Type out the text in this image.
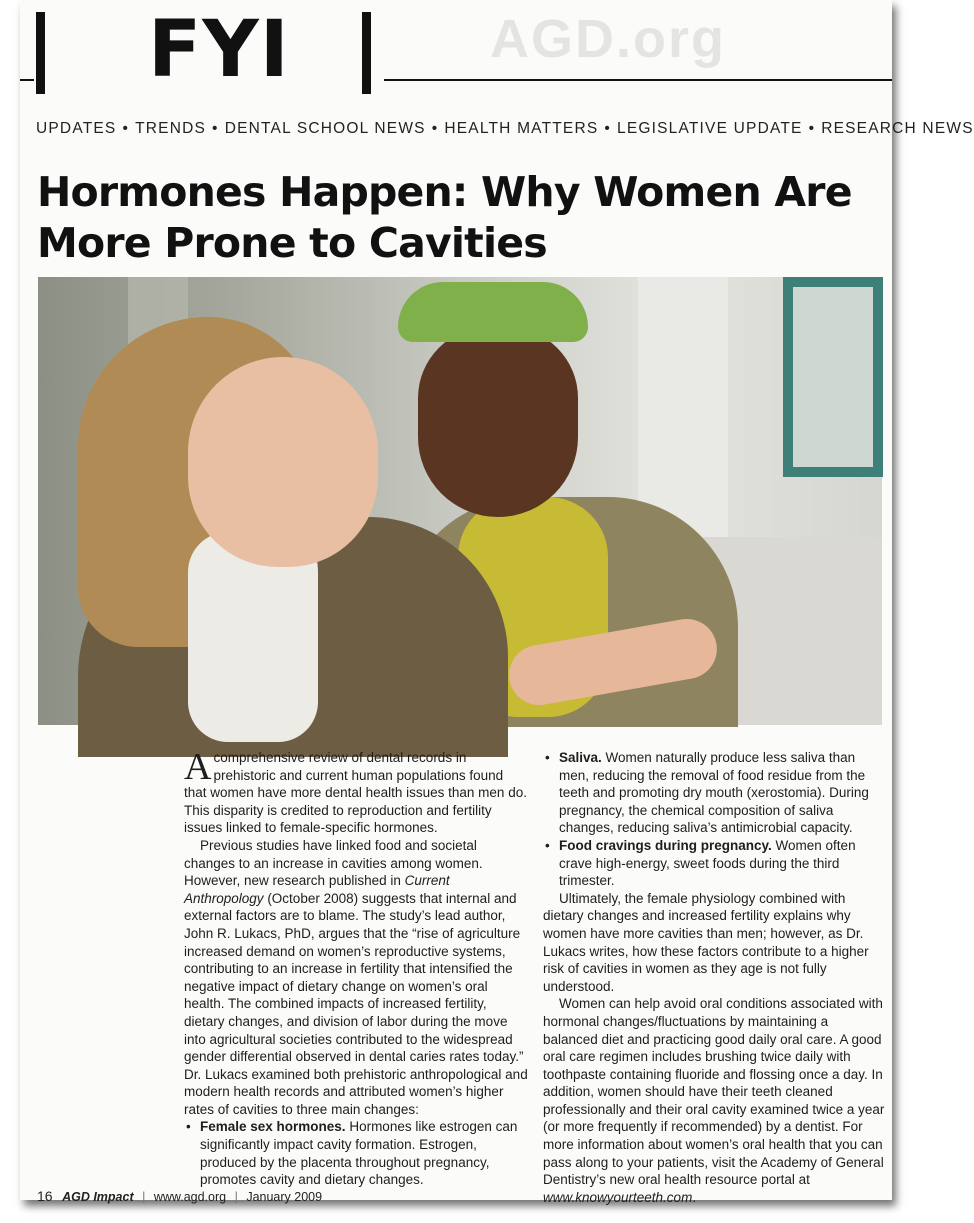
AGD.org
FYI
UPDATES • TRENDS • DENTAL SCHOOL NEWS • HEALTH MATTERS • LEGISLATIVE UPDATE • RESEARCH NEWS
Hormones Happen: Why Women Are More Prone to Cavities

Acomprehensive review of dental records in prehistoric and current human populations found that women have more dental health issues than men do. This disparity is credited to reproduction and fertility issues linked to female-specific hormones.

Previous studies have linked food and societal changes to an increase in cavities among women. However, new research published in Current Anthropology (October 2008) suggests that internal and external factors are to blame. The study’s lead author, John R. Lukacs, PhD, argues that the “rise of agriculture increased demand on women’s reproductive systems, contributing to an increase in fertility that intensified the negative impact of dietary change on women’s oral health. The combined impacts of increased fertility, dietary changes, and division of labor during the move into agricultural societies contributed to the widespread gender differential observed in dental caries rates today.” Dr. Lukacs examined both prehistoric anthropological and modern health records and attributed women’s higher rates of cavities to three main changes:

• Female sex hormones. Hormones like estrogen can significantly impact cavity formation. Estrogen, produced by the placenta throughout pregnancy, promotes cavity and dietary changes.

• Saliva. Women naturally produce less saliva than men, reducing the removal of food residue from the teeth and promoting dry mouth (xerostomia). During pregnancy, the chemical composition of saliva changes, reducing saliva’s antimicrobial capacity.

• Food cravings during pregnancy. Women often crave high-energy, sweet foods during the third trimester.

Ultimately, the female physiology combined with dietary changes and increased fertility explains why women have more cavities than men; however, as Dr. Lukacs writes, how these factors contribute to a higher risk of cavities in women as they age is not fully understood.

Women can help avoid oral conditions associated with hormonal changes/fluctuations by maintaining a balanced diet and practicing good daily oral care. A good oral care regimen includes brushing twice daily with toothpaste containing fluoride and flossing once a day. In addition, women should have their teeth cleaned professionally and their oral cavity examined twice a year (or more frequently if recommended) by a dentist. For more information about women’s oral health that you can pass along to your patients, visit the Academy of General Dentistry’s new oral health resource portal at www.knowyourteeth.com.

16 AGD Impact | www.agd.org | January 2009
